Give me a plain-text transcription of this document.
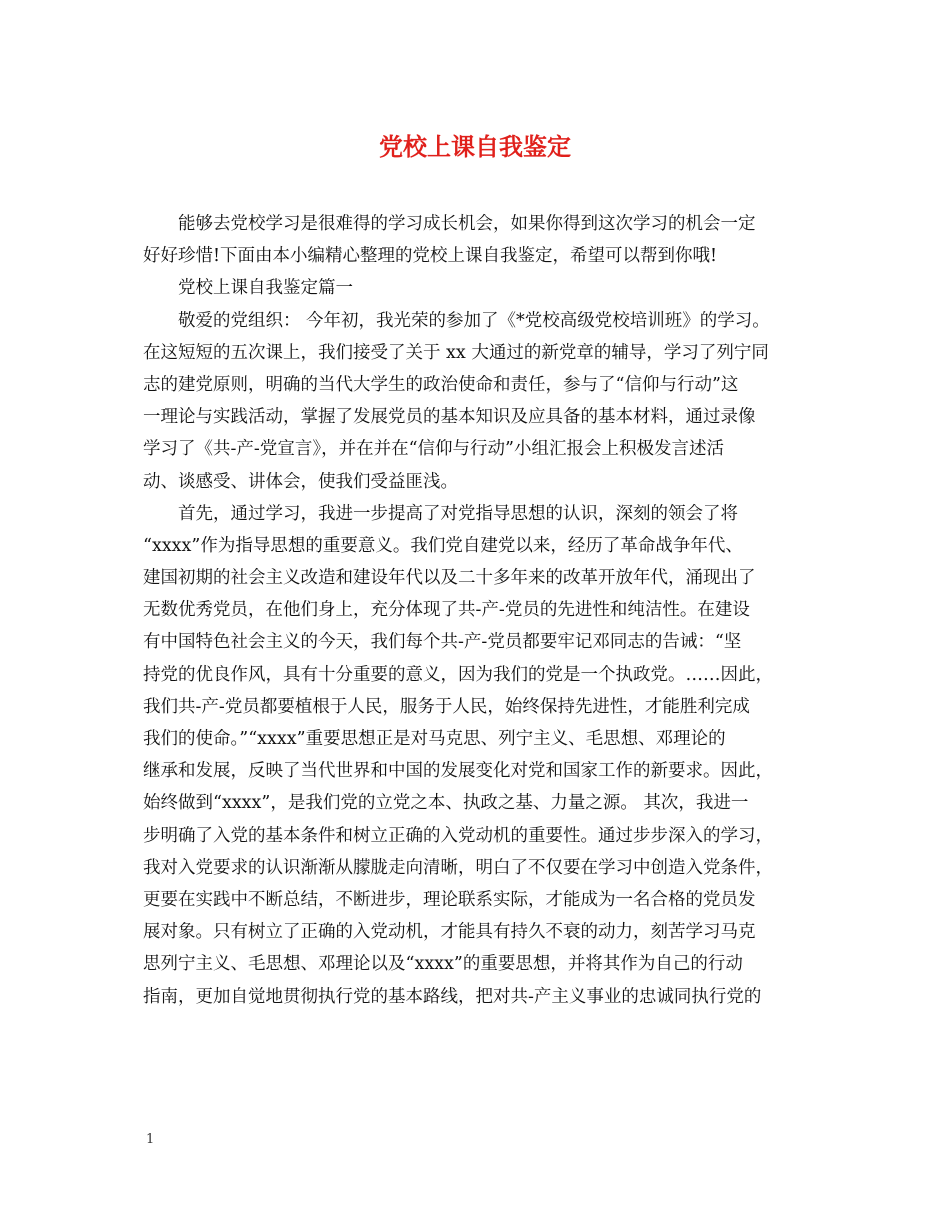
党校上课自我鉴定
能够去党校学习是很难得的学习成长机会，如果你得到这次学习的机会一定
好好珍惜!下面由本小编精心整理的党校上课自我鉴定，希望可以帮到你哦!
党校上课自我鉴定篇一
敬爱的党组织： 今年初，我光荣的参加了《*党校高级党校培训班》的学习。
在这短短的五次课上，我们接受了关于 xx 大通过的新党章的辅导，学习了列宁同
志的建党原则，明确的当代大学生的政治使命和责任，参与了“信仰与行动”这
一理论与实践活动，掌握了发展党员的基本知识及应具备的基本材料，通过录像
学习了《共-产-党宣言》，并在并在“信仰与行动”小组汇报会上积极发言述活
动、谈感受、讲体会，使我们受益匪浅。
首先，通过学习，我进一步提高了对党指导思想的认识，深刻的领会了将
“xxxx”作为指导思想的重要意义。我们党自建党以来，经历了革命战争年代、
建国初期的社会主义改造和建设年代以及二十多年来的改革开放年代，涌现出了
无数优秀党员，在他们身上，充分体现了共-产-党员的先进性和纯洁性。在建设
有中国特色社会主义的今天，我们每个共-产-党员都要牢记邓同志的告诫：“坚
持党的优良作风，具有十分重要的意义，因为我们的党是一个执政党。……因此，
我们共-产-党员都要植根于人民，服务于人民，始终保持先进性，才能胜利完成
我们的使命。”“xxxx”重要思想正是对马克思、列宁主义、毛思想、邓理论的
继承和发展，反映了当代世界和中国的发展变化对党和国家工作的新要求。因此，
始终做到“xxxx”，是我们党的立党之本、执政之基、力量之源。 其次，我进一
步明确了入党的基本条件和树立正确的入党动机的重要性。通过步步深入的学习，
我对入党要求的认识渐渐从朦胧走向清晰，明白了不仅要在学习中创造入党条件，
更要在实践中不断总结，不断进步，理论联系实际，才能成为一名合格的党员发
展对象。只有树立了正确的入党动机，才能具有持久不衰的动力，刻苦学习马克
思列宁主义、毛思想、邓理论以及“xxxx”的重要思想，并将其作为自己的行动
指南，更加自觉地贯彻执行党的基本路线，把对共-产主义事业的忠诚同执行党的
1
